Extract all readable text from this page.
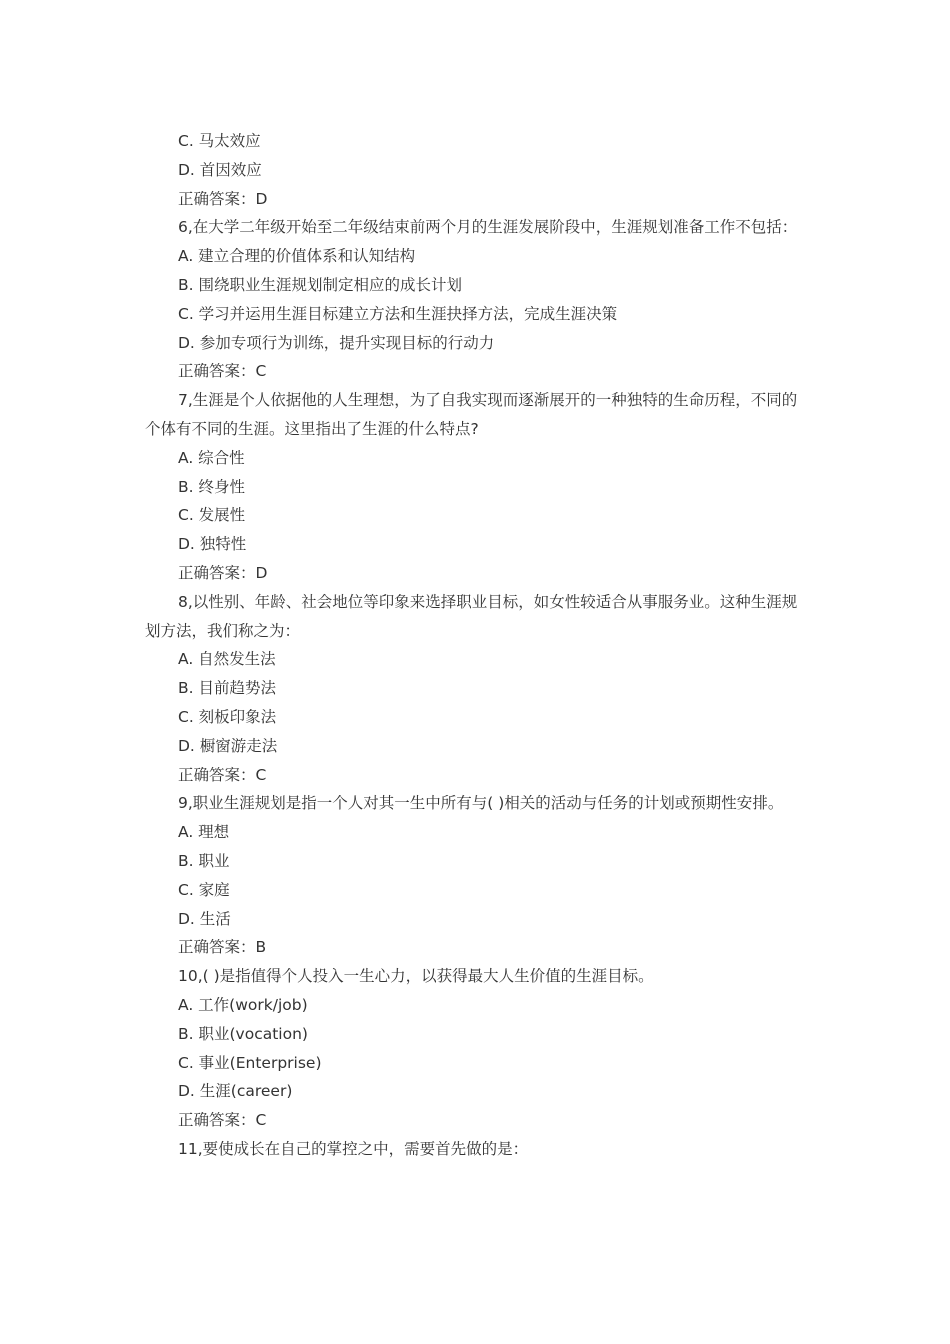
C. 马太效应
D. 首因效应
正确答案：D

6,在大学二年级开始至二年级结束前两个月的生涯发展阶段中，生涯规划准备工作不包括：

A. 建立合理的价值体系和认知结构
B. 围绕职业生涯规划制定相应的成长计划
C. 学习并运用生涯目标建立方法和生涯抉择方法，完成生涯决策
D. 参加专项行为训练，提升实现目标的行动力
正确答案：C

7,生涯是个人依据他的人生理想，为了自我实现而逐渐展开的一种独特的生命历程，不同的个体有不同的生涯。这里指出了生涯的什么特点?

A. 综合性
B. 终身性
C. 发展性
D. 独特性
正确答案：D

8,以性别、年龄、社会地位等印象来选择职业目标，如女性较适合从事服务业。这种生涯规划方法，我们称之为：

A. 自然发生法
B. 目前趋势法
C. 刻板印象法
D. 橱窗游走法
正确答案：C

9,职业生涯规划是指一个人对其一生中所有与( )相关的活动与任务的计划或预期性安排。

A. 理想
B. 职业
C. 家庭
D. 生活
正确答案：B

10,( )是指值得个人投入一生心力，以获得最大人生价值的生涯目标。

A. 工作(work/job)
B. 职业(vocation)
C. 事业(Enterprise)
D. 生涯(career)
正确答案：C

11,要使成长在自己的掌控之中，需要首先做的是：
